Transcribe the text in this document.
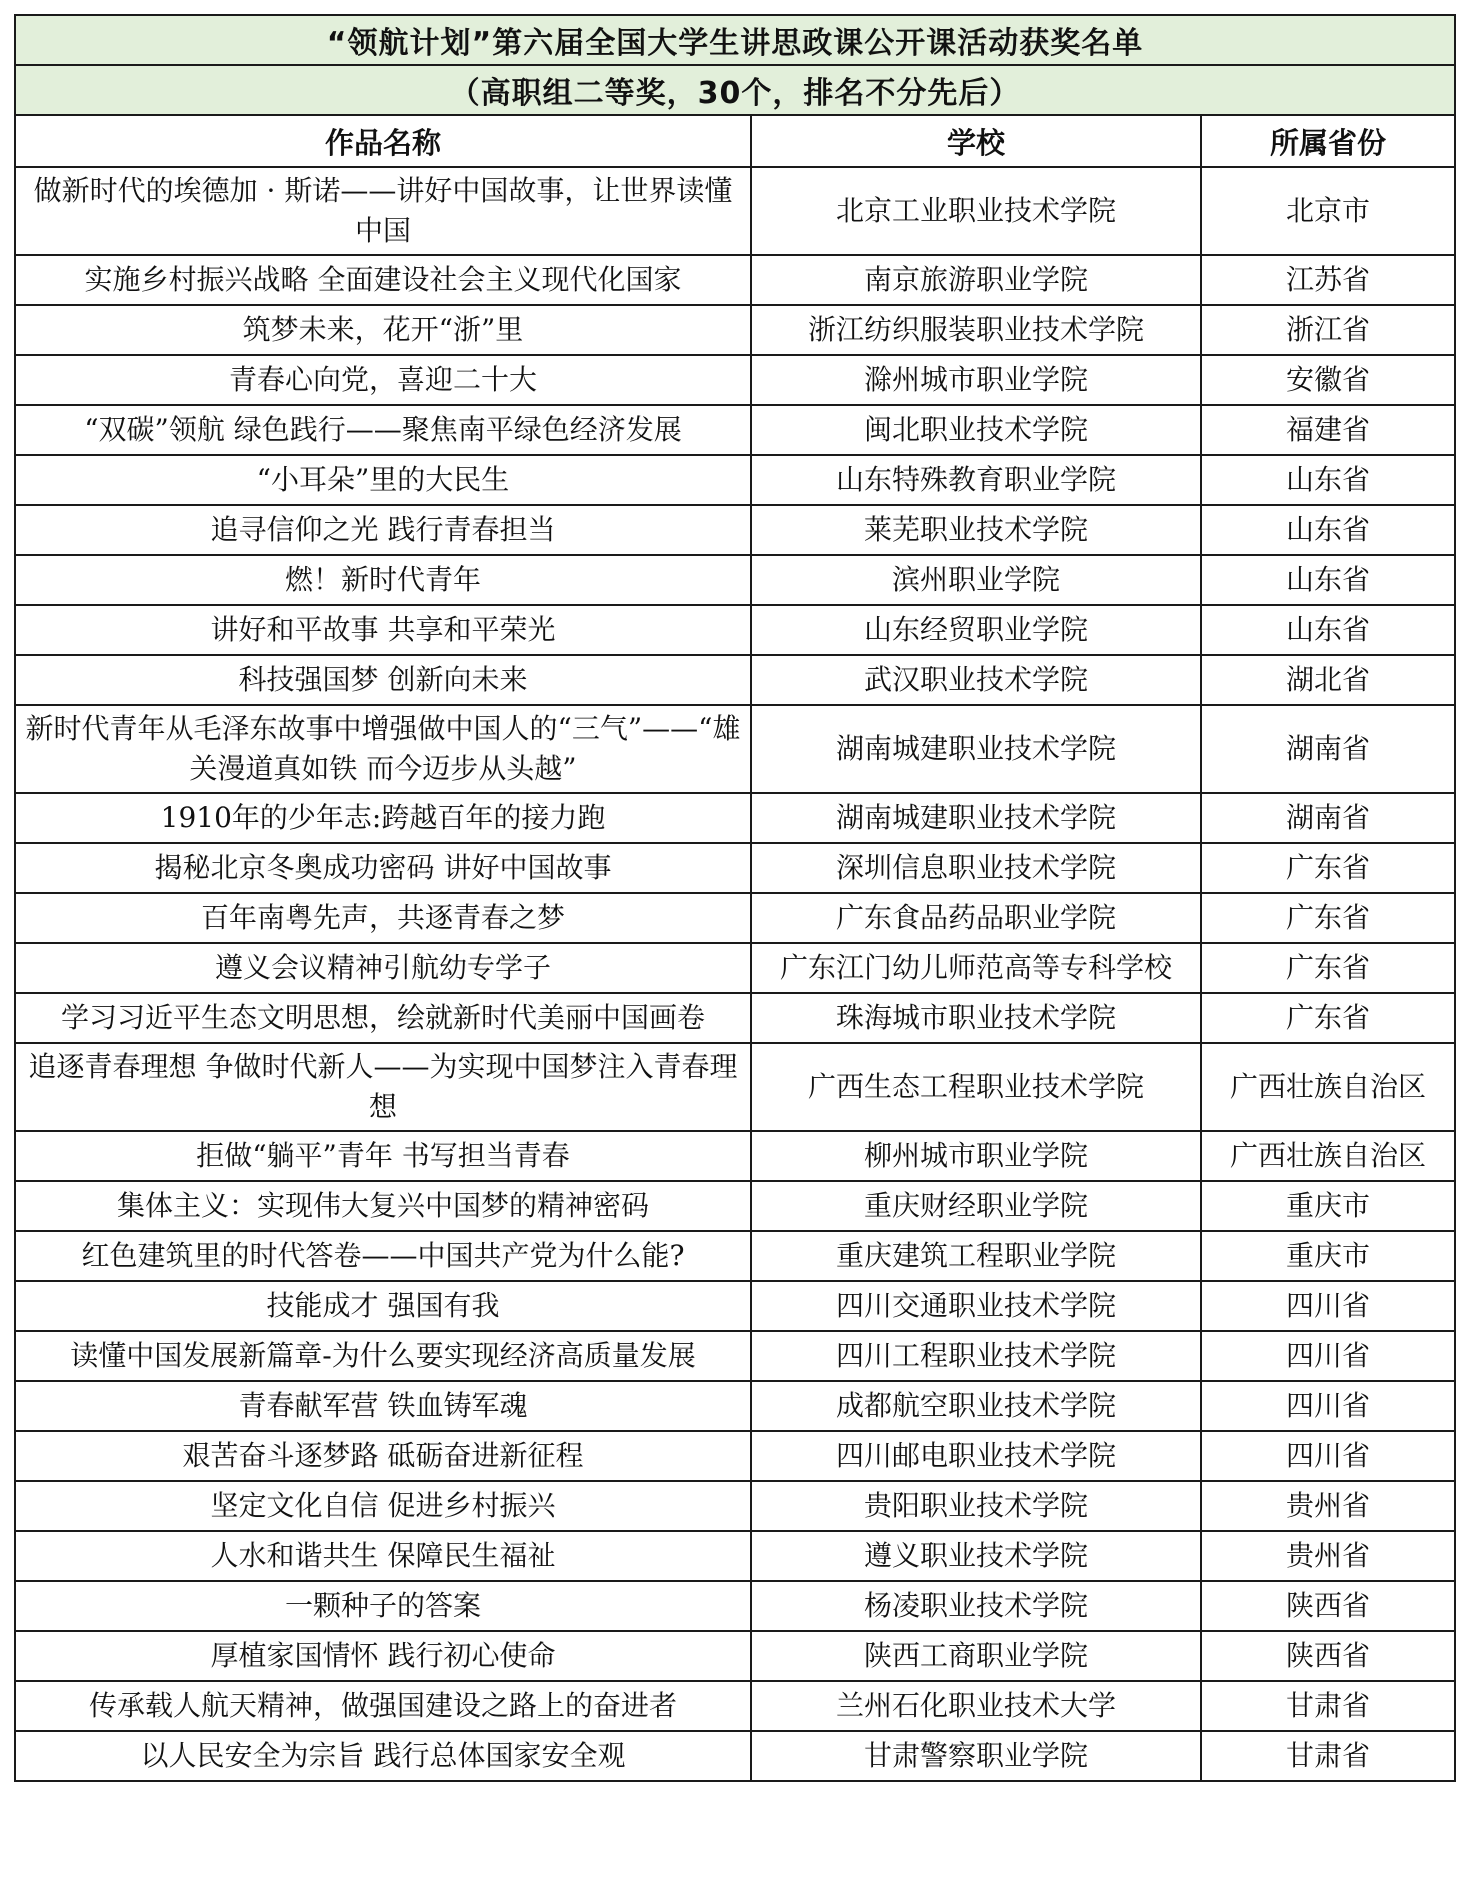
“领航计划”第六届全国大学生讲思政课公开课活动获奖名单		
（高职组二等奖，30个，排名不分先后）		
作品名称	学校	所属省份
做新时代的埃德加 · 斯诺——讲好中国故事，让世界读懂中国	北京工业职业技术学院	北京市
实施乡村振兴战略 全面建设社会主义现代化国家	南京旅游职业学院	江苏省
筑梦未来，花开“浙”里	浙江纺织服装职业技术学院	浙江省
青春心向党，喜迎二十大	滁州城市职业学院	安徽省
“双碳”领航 绿色践行——聚焦南平绿色经济发展	闽北职业技术学院	福建省
“小耳朵”里的大民生	山东特殊教育职业学院	山东省
追寻信仰之光 践行青春担当	莱芜职业技术学院	山东省
燃！新时代青年	滨州职业学院	山东省
讲好和平故事 共享和平荣光	山东经贸职业学院	山东省
科技强国梦 创新向未来	武汉职业技术学院	湖北省
新时代青年从毛泽东故事中增强做中国人的“三气”——“雄关漫道真如铁 而今迈步从头越”	湖南城建职业技术学院	湖南省
1910年的少年志:跨越百年的接力跑	湖南城建职业技术学院	湖南省
揭秘北京冬奥成功密码 讲好中国故事	深圳信息职业技术学院	广东省
百年南粤先声，共逐青春之梦	广东食品药品职业学院	广东省
遵义会议精神引航幼专学子	广东江门幼儿师范高等专科学校	广东省
学习习近平生态文明思想，绘就新时代美丽中国画卷	珠海城市职业技术学院	广东省
追逐青春理想 争做时代新人——为实现中国梦注入青春理想	广西生态工程职业技术学院	广西壮族自治区
拒做“躺平”青年 书写担当青春	柳州城市职业学院	广西壮族自治区
集体主义：实现伟大复兴中国梦的精神密码	重庆财经职业学院	重庆市
红色建筑里的时代答卷——中国共产党为什么能?	重庆建筑工程职业学院	重庆市
技能成才 强国有我	四川交通职业技术学院	四川省
读懂中国发展新篇章-为什么要实现经济高质量发展	四川工程职业技术学院	四川省
青春献军营 铁血铸军魂	成都航空职业技术学院	四川省
艰苦奋斗逐梦路 砥砺奋进新征程	四川邮电职业技术学院	四川省
坚定文化自信 促进乡村振兴	贵阳职业技术学院	贵州省
人水和谐共生 保障民生福祉	遵义职业技术学院	贵州省
一颗种子的答案	杨凌职业技术学院	陕西省
厚植家国情怀 践行初心使命	陕西工商职业学院	陕西省
传承载人航天精神，做强国建设之路上的奋进者	兰州石化职业技术大学	甘肃省
以人民安全为宗旨 践行总体国家安全观	甘肃警察职业学院	甘肃省
